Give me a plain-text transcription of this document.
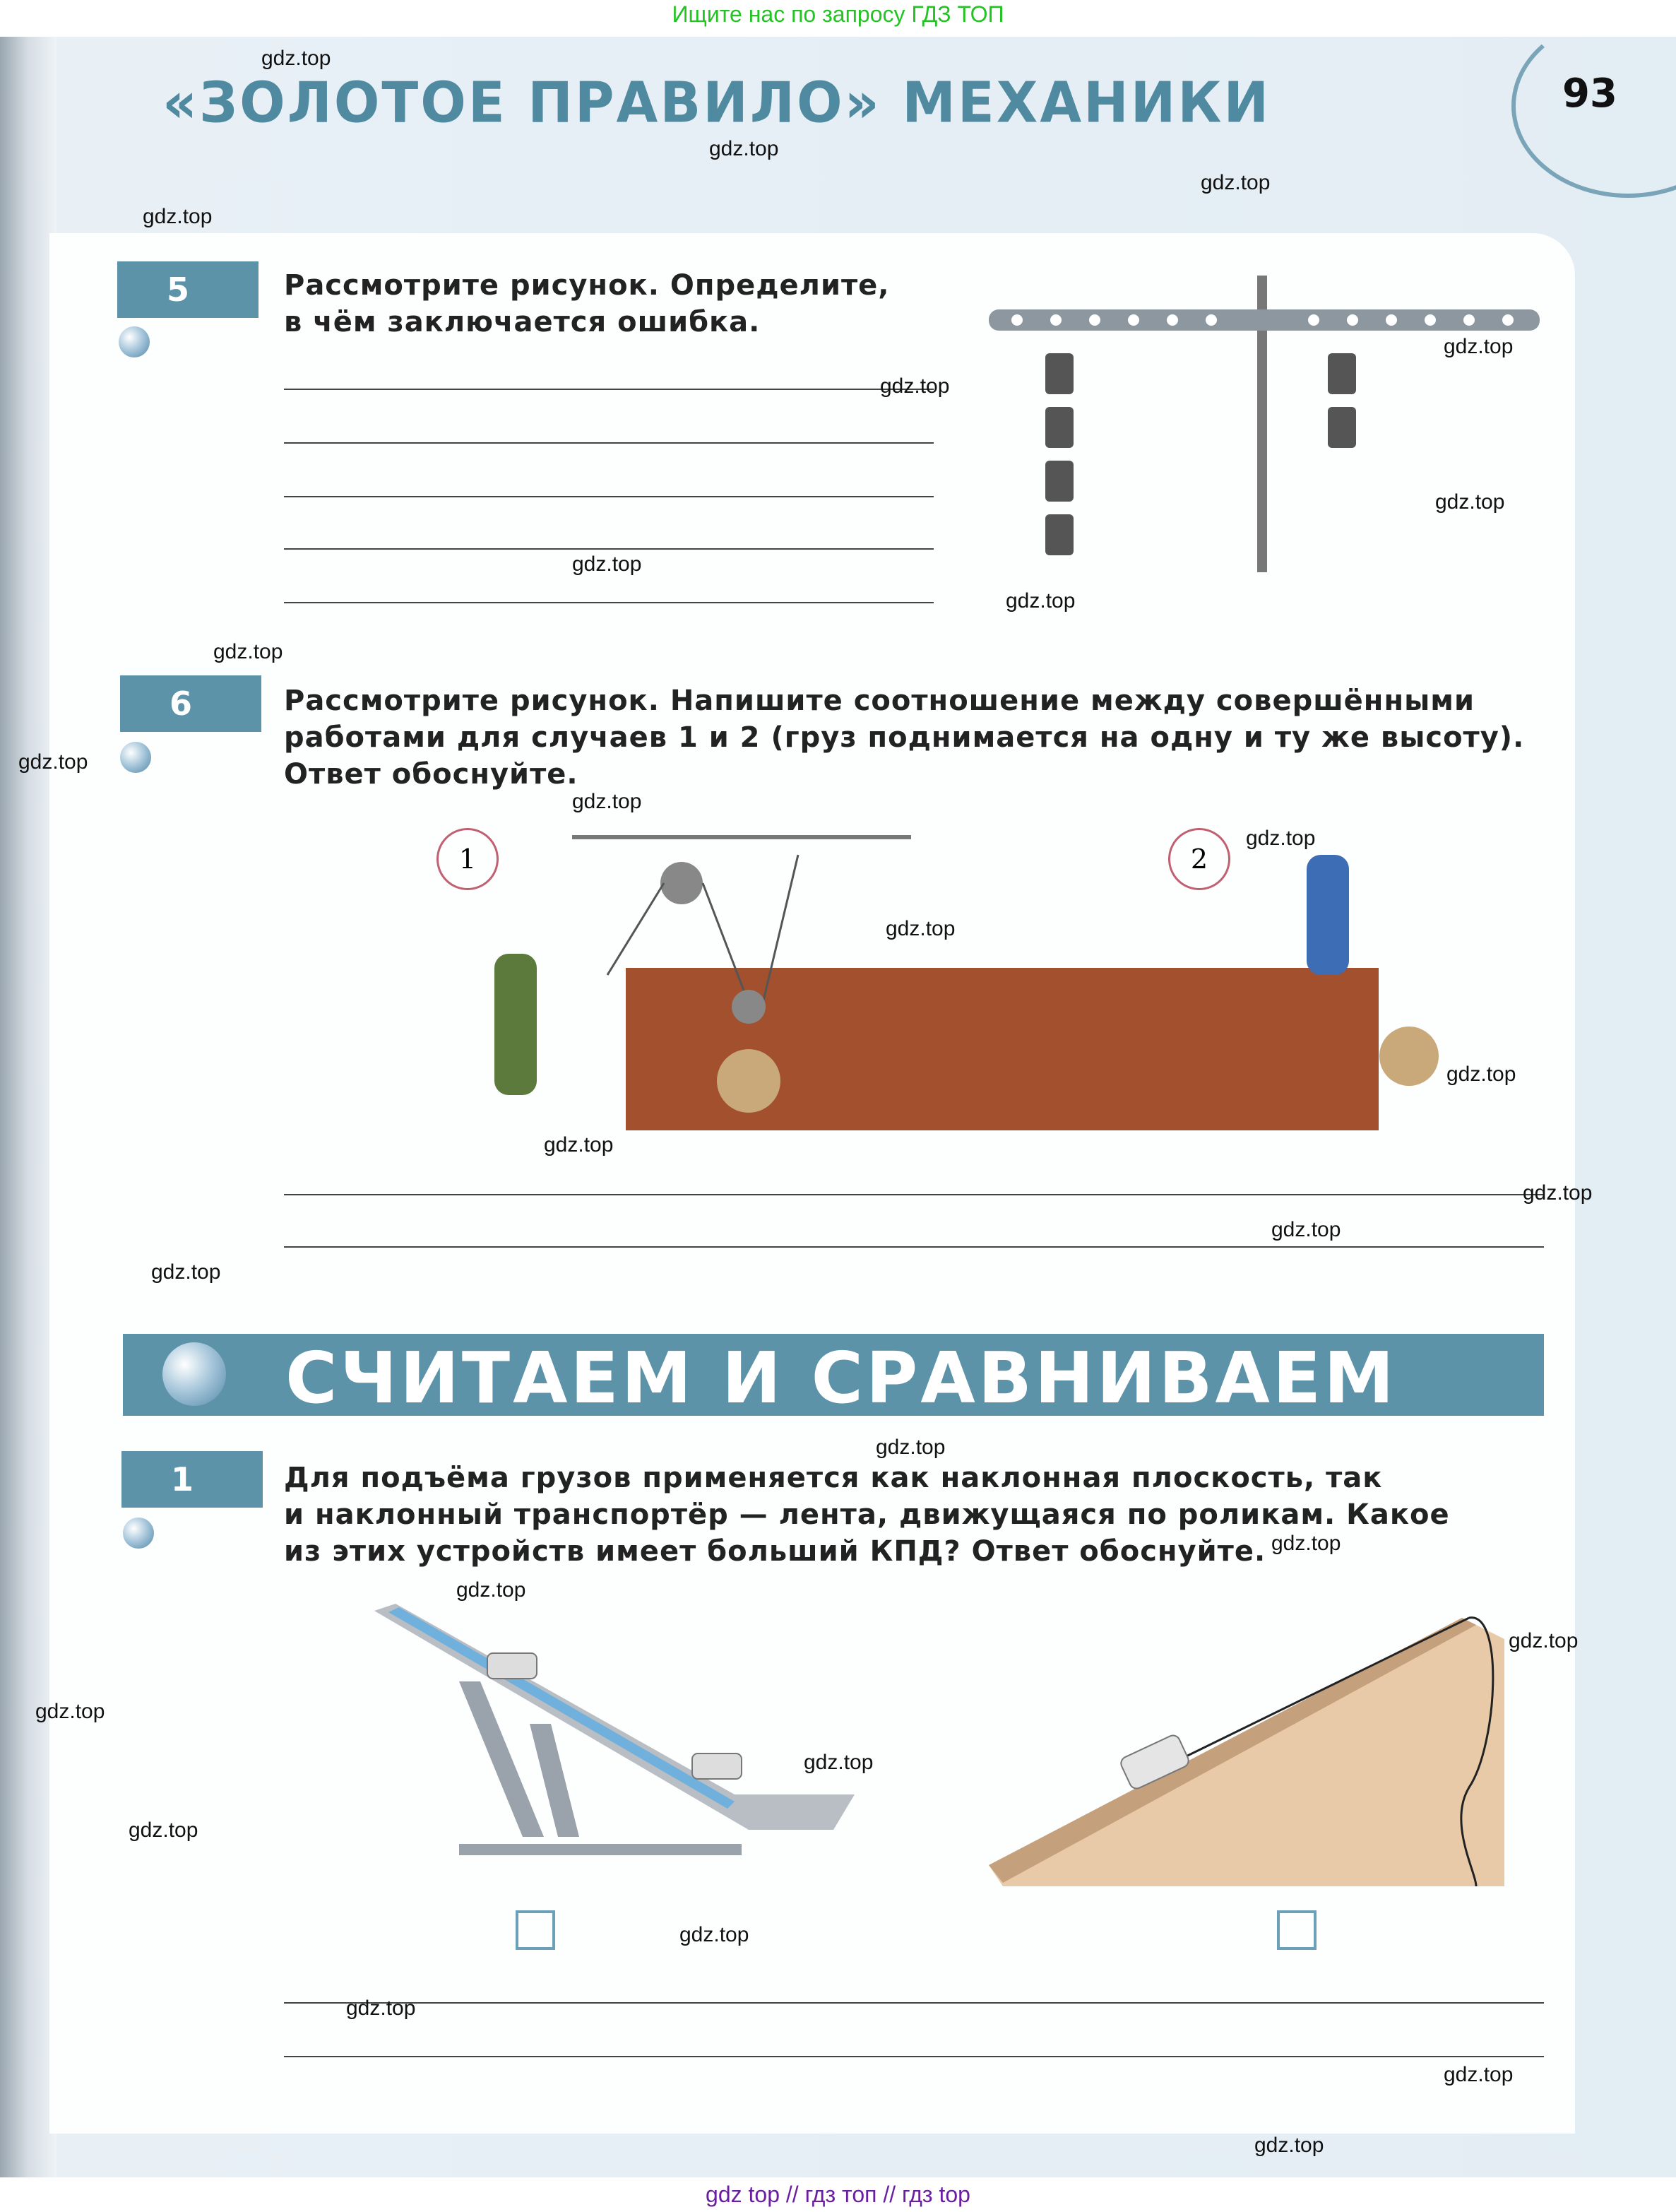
Ищите нас по запросу ГДЗ ТОП
«ЗОЛОТОЕ ПРАВИЛО» МЕХАНИКИ	93
5	Рассмотрите рисунок. Определите,
в чём заключается ошибка.
6	Рассмотрите рисунок. Напишите соотношение между совершёнными
работами для случаев 1 и 2 (груз поднимается на одну и ту же высоту).
Ответ обоснуйте.
1	2
СЧИТАЕМ И СРАВНИВАЕМ
1	Для подъёма грузов применяется как наклонная плоскость, так
и наклонный транспортёр — лента, движущаяся по роликам. Какое
из этих устройств имеет больший КПД? Ответ обоснуйте.
gdz.top
gdz.top
gdz.top
gdz.top
gdz.top
gdz.top
gdz.top
gdz.top
gdz.top
gdz.top
gdz.top
gdz.top
gdz.top
gdz.top
gdz.top
gdz.top
gdz.top
gdz.top
gdz.top
gdz.top
gdz.top
gdz.top
gdz.top
gdz.top
gdz.top
gdz.top
gdz.top
gdz.top
gdz.top
gdz.top
gdz top // гдз топ // гдз top
